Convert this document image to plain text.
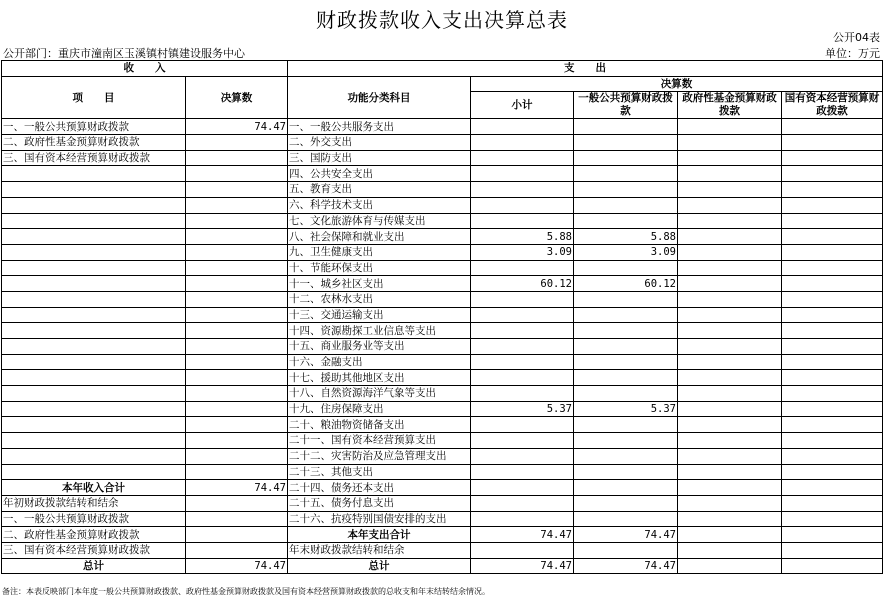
财政拨款收入支出决算总表
公开04表
公开部门：重庆市潼南区玉溪镇村镇建设服务中心	单位：万元
收　　入		支　　出				
项　　目	决算数	功能分类科目	决算数			
			小计	一般公共预算财政拨款	政府性基金预算财政拨款	国有资本经营预算财政拨款

一、一般公共预算财政拨款	74.47	一、一般公共服务支出				
二、政府性基金预算财政拨款		二、外交支出				
三、国有资本经营预算财政拨款		三、国防支出				
		四、公共安全支出				
		五、教育支出				
		六、科学技术支出				
		七、文化旅游体育与传媒支出				
		八、社会保障和就业支出	5.88	5.88		
		九、卫生健康支出	3.09	3.09		
		十、节能环保支出				
		十一、城乡社区支出	60.12	60.12		
		十二、农林水支出				
		十三、交通运输支出				
		十四、资源勘探工业信息等支出				
		十五、商业服务业等支出				
		十六、金融支出				
		十七、援助其他地区支出				
		十八、自然资源海洋气象等支出				
		十九、住房保障支出	5.37	5.37		
		二十、粮油物资储备支出				
		二十一、国有资本经营预算支出				
		二十二、灾害防治及应急管理支出				
		二十三、其他支出				
本年收入合计	74.47	二十四、债务还本支出				
年初财政拨款结转和结余		二十五、债务付息支出				
一、一般公共预算财政拨款		二十六、抗疫特别国债安排的支出				
二、政府性基金预算财政拨款		本年支出合计	74.47	74.47		
三、国有资本经营预算财政拨款		年末财政拨款结转和结余				
总计	74.47	总计	74.47	74.47		
备注：本表反映部门本年度一般公共预算财政拨款、政府性基金预算财政拨款及国有资本经营预算财政拨款的总收支和年末结转结余情况。
